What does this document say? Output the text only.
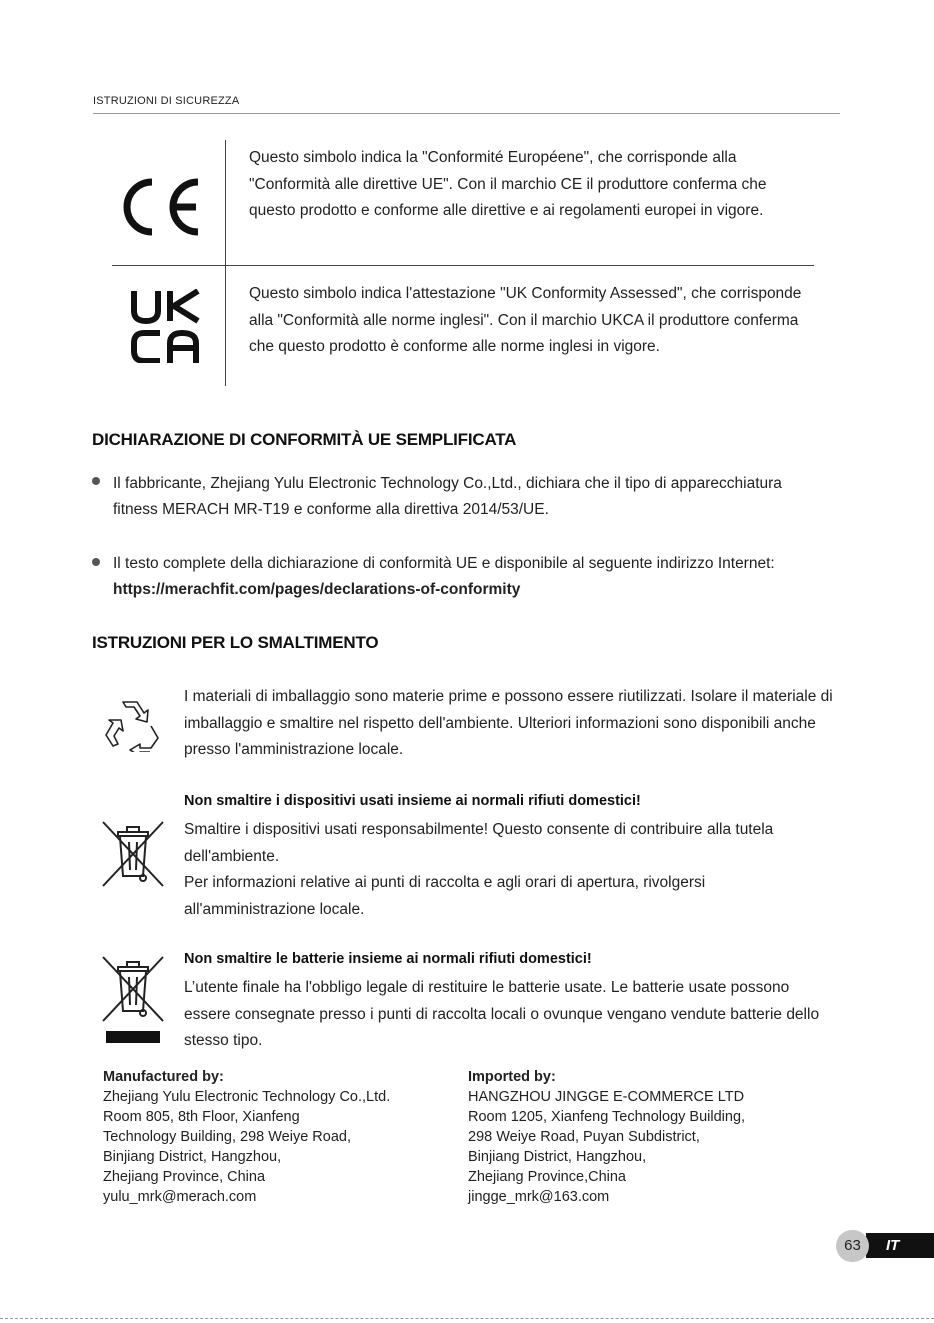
ISTRUZIONI DI SICUREZZA
Questo simbolo indica la "Conformité Européene", che corrisponde alla "Conformità alle direttive UE". Con il marchio CE il produttore conferma che questo prodotto e conforme alle direttive e ai regolamenti europei in vigore.
Questo simbolo indica l'attestazione "UK Conformity Assessed", che corrisponde alla "Conformità alle norme inglesi". Con il marchio UKCA il produttore conferma che questo prodotto è conforme alle norme inglesi in vigore.
DICHIARAZIONE DI CONFORMITÀ UE SEMPLIFICATA
Il fabbricante, Zhejiang Yulu Electronic Technology Co.,Ltd., dichiara che il tipo di apparecchiatura fitness MERACH MR-T19 e conforme alla direttiva 2014/53/UE.
Il testo complete della dichiarazione di conformità UE e disponibile al seguente indirizzo Internet: https://merachfit.com/pages/declarations-of-conformity
ISTRUZIONI PER LO SMALTIMENTO
I materiali di imballaggio sono materie prime e possono essere riutilizzati. Isolare il materiale di imballaggio e smaltire nel rispetto dell'ambiente. Ulteriori informazioni sono disponibili anche presso l'amministrazione locale.
Non smaltire i dispositivi usati insieme ai normali rifiuti domestici!
Smaltire i dispositivi usati responsabilmente! Questo consente di contribuire alla tutela dell'ambiente.
Per informazioni relative ai punti di raccolta e agli orari di apertura, rivolgersi all'amministrazione locale.
Non smaltire le batterie insieme ai normali rifiuti domestici!
L’utente finale ha l'obbligo legale di restituire le batterie usate. Le batterie usate possono essere consegnate presso i punti di raccolta locali o ovunque vengano vendute batterie dello stesso tipo.
Manufactured by:
Zhejiang Yulu Electronic Technology Co.,Ltd.
Room 805, 8th Floor, Xianfeng
Technology Building, 298 Weiye Road,
Binjiang District, Hangzhou,
Zhejiang Province, China
yulu_mrk@merach.com
Imported by:
HANGZHOU JINGGE E-COMMERCE LTD
Room 1205, Xianfeng Technology Building,
298 Weiye Road, Puyan Subdistrict,
Binjiang District, Hangzhou,
Zhejiang Province,China
jingge_mrk@163.com
IT
63
